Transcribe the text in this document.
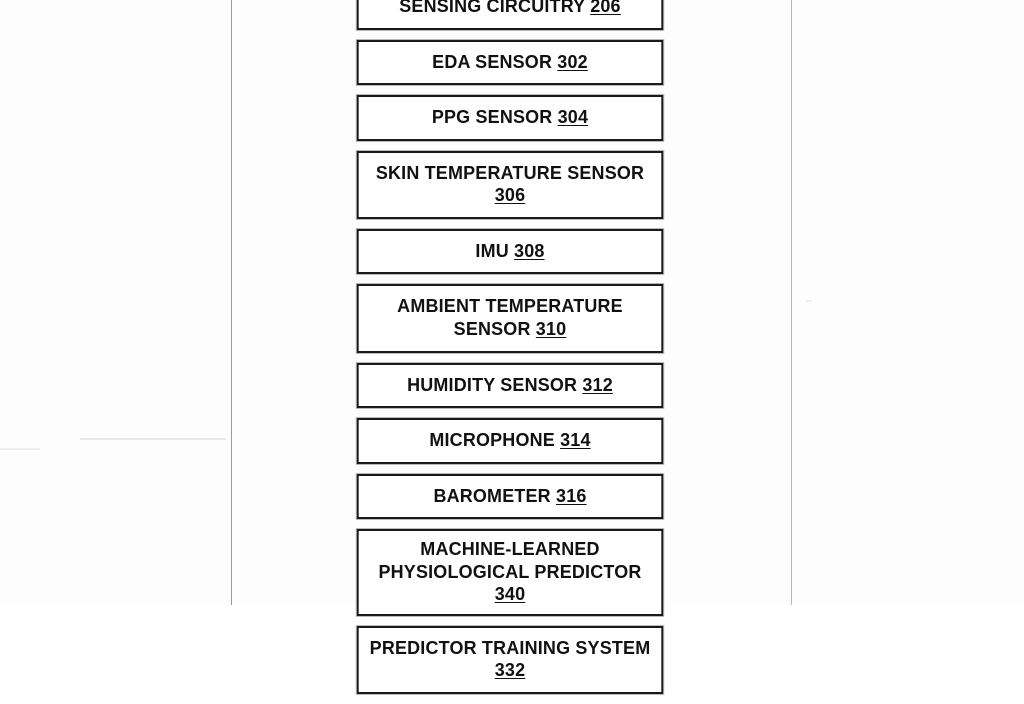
SENSING CIRCUITRY 206
EDA SENSOR 302
PPG SENSOR 304
SKIN TEMPERATURE SENSOR 306
IMU 308
AMBIENT TEMPERATURE SENSOR 310
HUMIDITY SENSOR 312
MICROPHONE 314
BAROMETER 316
MACHINE-LEARNED PHYSIOLOGICAL PREDICTOR 340
PREDICTOR TRAINING SYSTEM 332
